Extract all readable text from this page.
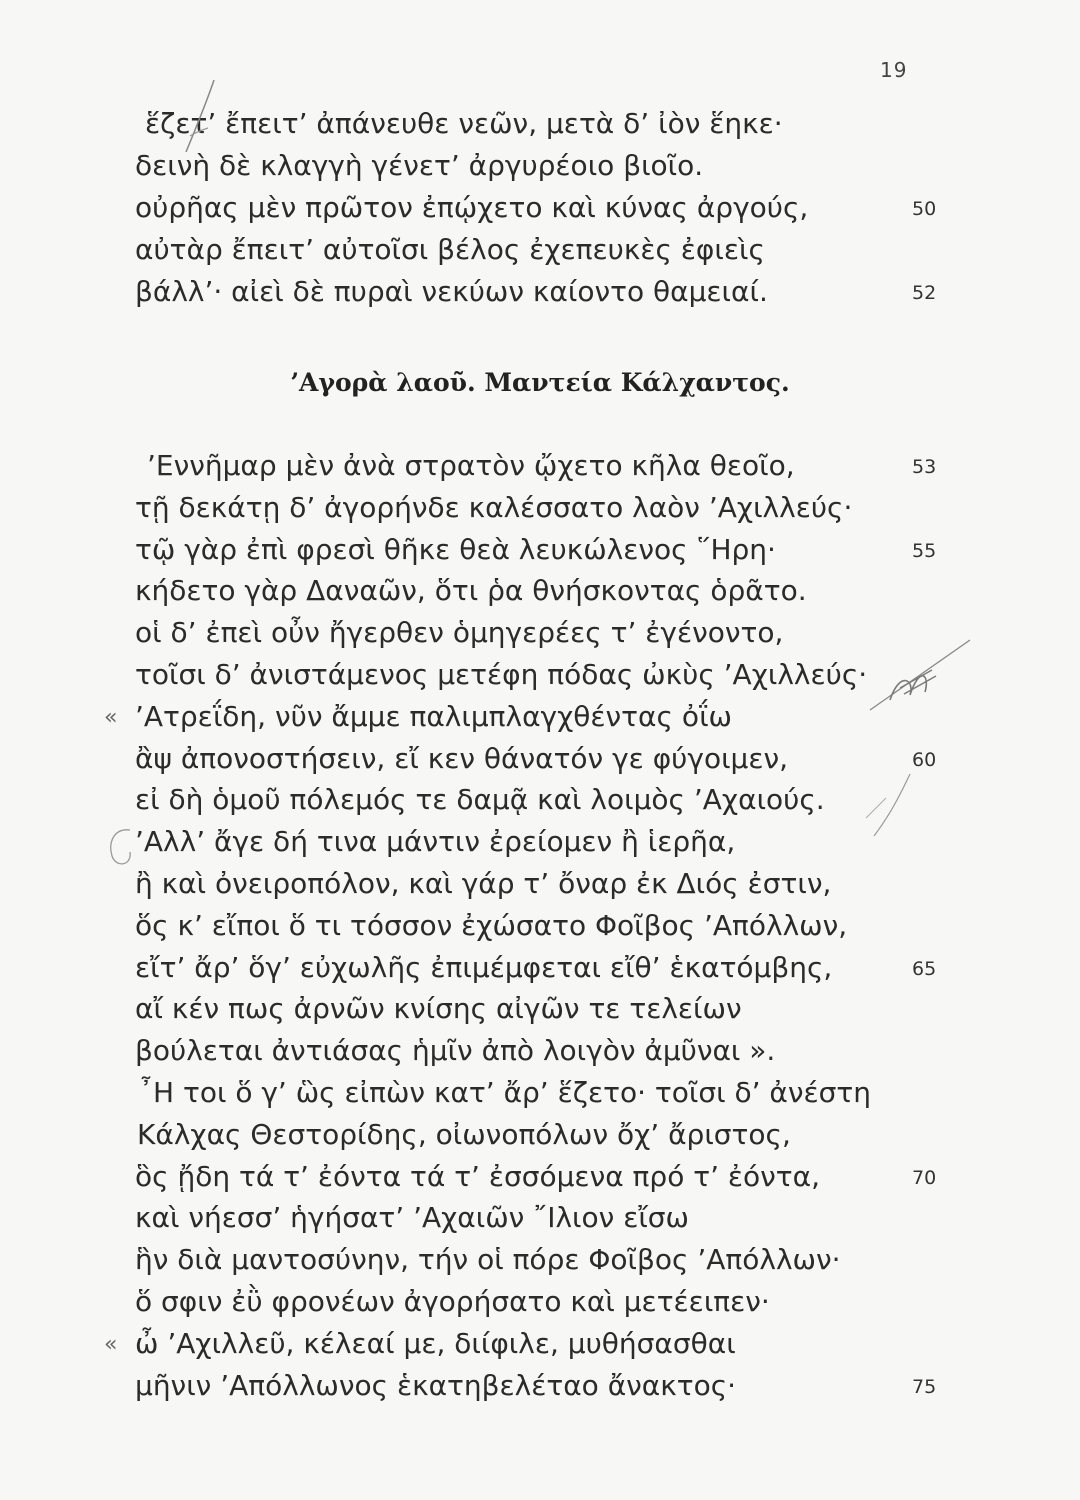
19
ἕζετ’ ἔπειτ’ ἀπάνευθε νεῶν, μετὰ δ’ ἰὸν ἕηκε·
δεινὴ δὲ κλαγγὴ γένετ’ ἀργυρέοιο βιοῖο.
οὐρῆας μὲν πρῶτον ἐπῴχετο καὶ κύνας ἀργούς,	50
αὐτὰρ ἔπειτ’ αὐτοῖσι βέλος ἐχεπευκὲς ἐφιεὶς
βάλλ’· αἰεὶ δὲ πυραὶ νεκύων καίοντο θαμειαί.	52
’Αγορὰ λαοῦ. Μαντεία Κάλχαντος.
’Εννῆμαρ μὲν ἀνὰ στρατὸν ᾤχετο κῆλα θεοῖο,	53
τῇ δεκάτῃ δ’ ἀγορήνδε καλέσσατο λαὸν ’Αχιλλεύς·
τῷ γὰρ ἐπὶ φρεσὶ θῆκε θεὰ λευκώλενος ῞Ηρη·	55
κήδετο γὰρ Δαναῶν, ὅτι ῥα θνήσκοντας ὁρᾶτο.
οἱ δ’ ἐπεὶ οὖν ἤγερθεν ὁμηγερέες τ’ ἐγένοντο,
τοῖσι δ’ ἀνιστάμενος μετέφη πόδας ὠκὺς ’Αχιλλεύς·
’Ατρεΐδη, νῦν ἄμμε παλιμπλαγχθέντας ὀΐω
«
ἂψ ἀπονοστήσειν, εἴ κεν θάνατόν γε φύγοιμεν,	60
εἰ δὴ ὁμοῦ πόλεμός τε δαμᾷ καὶ λοιμὸς ’Αχαιούς.
’Αλλ’ ἄγε δή τινα μάντιν ἐρείομεν ἢ ἱερῆα,
ἢ καὶ ὀνειροπόλον, καὶ γάρ τ’ ὄναρ ἐκ Διός ἐστιν,
ὅς κ’ εἴποι ὅ τι τόσσον ἐχώσατο Φοῖβος ’Απόλλων,
εἴτ’ ἄρ’ ὅγ’ εὐχωλῆς ἐπιμέμφεται εἴθ’ ἑκατόμβης,	65
αἴ κέν πως ἀρνῶν κνίσης αἰγῶν τε τελείων
βούλεται ἀντιάσας ἡμῖν ἀπὸ λοιγὸν ἀμῦναι ».
῏Η τοι ὅ γ’ ὣς εἰπὼν κατ’ ἄρ’ ἕζετο· τοῖσι δ’ ἀνέστη
Κάλχας Θεστορίδης, οἰωνοπόλων ὄχ’ ἄριστος,
ὃς ᾔδη τά τ’ ἐόντα τά τ’ ἐσσόμενα πρό τ’ ἐόντα,	70
καὶ νήεσσ’ ἡγήσατ’ ’Αχαιῶν ῎Ιλιον εἴσω
ἣν διὰ μαντοσύνην, τήν οἱ πόρε Φοῖβος ’Απόλλων·
ὅ σφιν ἐῢ φρονέων ἀγορήσατο καὶ μετέειπεν·
ὦ ’Αχιλλεῦ, κέλεαί με, διίφιλε, μυθήσασθαι
«
μῆνιν ’Απόλλωνος ἑκατηβελέταο ἄνακτος·	75
